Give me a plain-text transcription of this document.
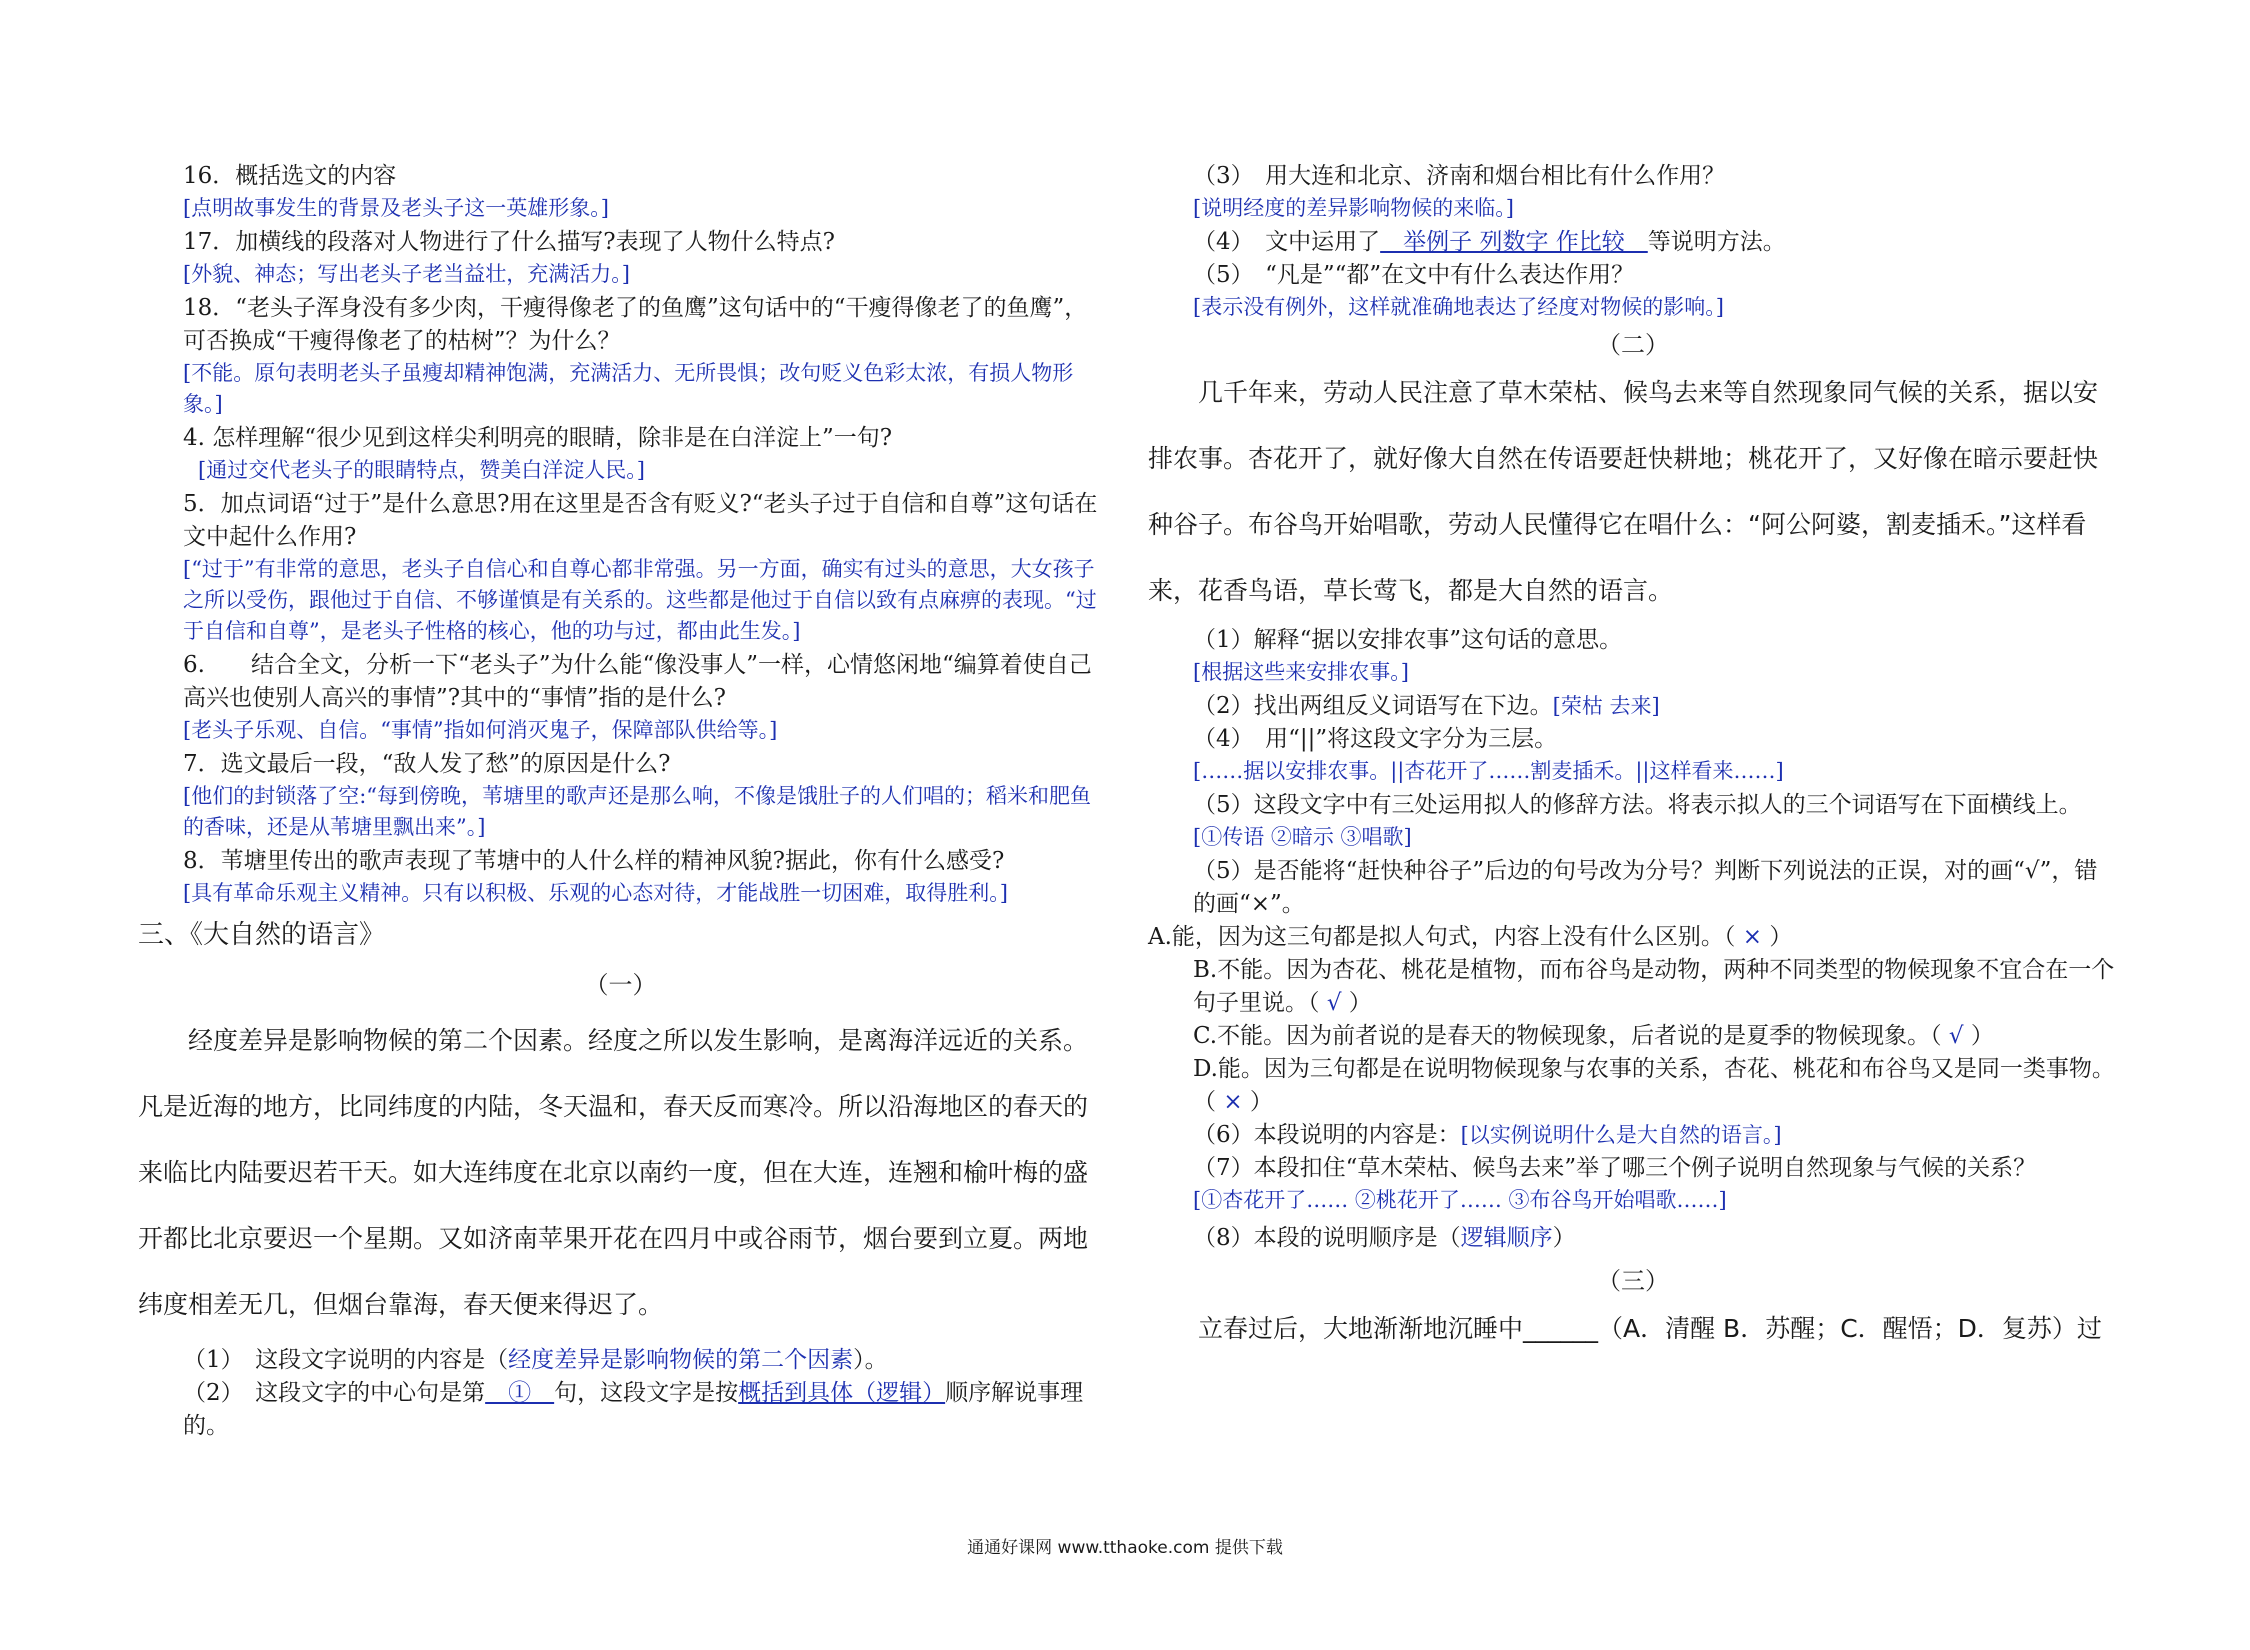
16．概括选文的内容

[点明故事发生的背景及老头子这一英雄形象。]

17．加横线的段落对人物进行了什么描写?表现了人物什么特点?

[外貌、神态；写出老头子老当益壮，充满活力。]

18．“老头子浑身没有多少肉，干瘦得像老了的鱼鹰”这句话中的“干瘦得像老了的鱼鹰”，可否换成“干瘦得像老了的枯树”？为什么？

[不能。原句表明老头子虽瘦却精神饱满，充满活力、无所畏惧；改句贬义色彩太浓，有损人物形象。]

4. 怎样理解“很少见到这样尖利明亮的眼睛，除非是在白洋淀上”一句?

[通过交代老头子的眼睛特点，赞美白洋淀人民。]

5．加点词语“过于”是什么意思?用在这里是否含有贬义?“老头子过于自信和自尊”这句话在文中起什么作用?

[“过于”有非常的意思，老头子自信心和自尊心都非常强。另一方面，确实有过头的意思，大女孩子之所以受伤，跟他过于自信、不够谨慎是有关系的。这些都是他过于自信以致有点麻痹的表现。“过于自信和自尊”，是老头子性格的核心，他的功与过，都由此生发。]

6.　　结合全文，分析一下“老头子”为什么能“像没事人”一样，心情悠闲地“编算着使自己高兴也使别人高兴的事情”?其中的“事情”指的是什么?

[老头子乐观、自信。“事情”指如何消灭鬼子，保障部队供给等。]

7．选文最后一段，“敌人发了愁”的原因是什么?

[他们的封锁落了空:“每到傍晚，苇塘里的歌声还是那么响，不像是饿肚子的人们唱的；稻米和肥鱼的香味，还是从苇塘里飘出来”。]

8．苇塘里传出的歌声表现了苇塘中的人什么样的精神风貌?据此，你有什么感受?

[具有革命乐观主义精神。只有以积极、乐观的心态对待，才能战胜一切困难，取得胜利。]

三、《大自然的语言》

（一）

经度差异是影响物候的第二个因素。经度之所以发生影响，是离海洋远近的关系。凡是近海的地方，比同纬度的内陆，冬天温和，春天反而寒冷。所以沿海地区的春天的来临比内陆要迟若干天。如大连纬度在北京以南约一度，但在大连，连翘和榆叶梅的盛开都比北京要迟一个星期。又如济南苹果开花在四月中或谷雨节，烟台要到立夏。两地纬度相差无几，但烟台靠海，春天便来得迟了。

（1）　这段文字说明的内容是（经度差异是影响物候的第二个因素）。

（2）　这段文字的中心句是第　①　句，这段文字是按概括到具体（逻辑）顺序解说事理的。

（3）　用大连和北京、济南和烟台相比有什么作用？

[说明经度的差异影响物候的来临。]

（4）　文中运用了　举例子 列数字 作比较　等说明方法。

（5）　“凡是”“都”在文中有什么表达作用？

[表示没有例外，这样就准确地表达了经度对物候的影响。]

（二）

几千年来，劳动人民注意了草木荣枯、候鸟去来等自然现象同气候的关系，据以安排农事。杏花开了，就好像大自然在传语要赶快耕地；桃花开了，又好像在暗示要赶快种谷子。布谷鸟开始唱歌，劳动人民懂得它在唱什么：“阿公阿婆，割麦插禾。”这样看来，花香鸟语，草长莺飞，都是大自然的语言。

（1）解释“据以安排农事”这句话的意思。

[根据这些来安排农事。]

（2）找出两组反义词语写在下边。[荣枯 去来]

（4）　用“||”将这段文字分为三层。

[……据以安排农事。||杏花开了……割麦插禾。||这样看来……]

（5）这段文字中有三处运用拟人的修辞方法。将表示拟人的三个词语写在下面横线上。

[①传语 ②暗示 ③唱歌]

（5）是否能将“赶快种谷子”后边的句号改为分号？判断下列说法的正误，对的画“√”，错的画“×”。

A.能，因为这三句都是拟人句式，内容上没有什么区别。（ × ）

B.不能。因为杏花、桃花是植物，而布谷鸟是动物，两种不同类型的物候现象不宜合在一个句子里说。（ √ ）

C.不能。因为前者说的是春天的物候现象，后者说的是夏季的物候现象。（ √ ）

D.能。因为三句都是在说明物候现象与农事的关系，杏花、桃花和布谷鸟又是同一类事物。（ × ）

（6）本段说明的内容是：[以实例说明什么是大自然的语言。]

（7）本段扣住“草木荣枯、候鸟去来”举了哪三个例子说明自然现象与气候的关系？

[①杏花开了…… ②桃花开了…… ③布谷鸟开始唱歌……]

（8）本段的说明顺序是（逻辑顺序）

（三）

立春过后，大地渐渐地沉睡中______（A．清醒 B．苏醒；C．醒悟；D．复苏）过

通通好课网 www.tthaoke.com 提供下载
